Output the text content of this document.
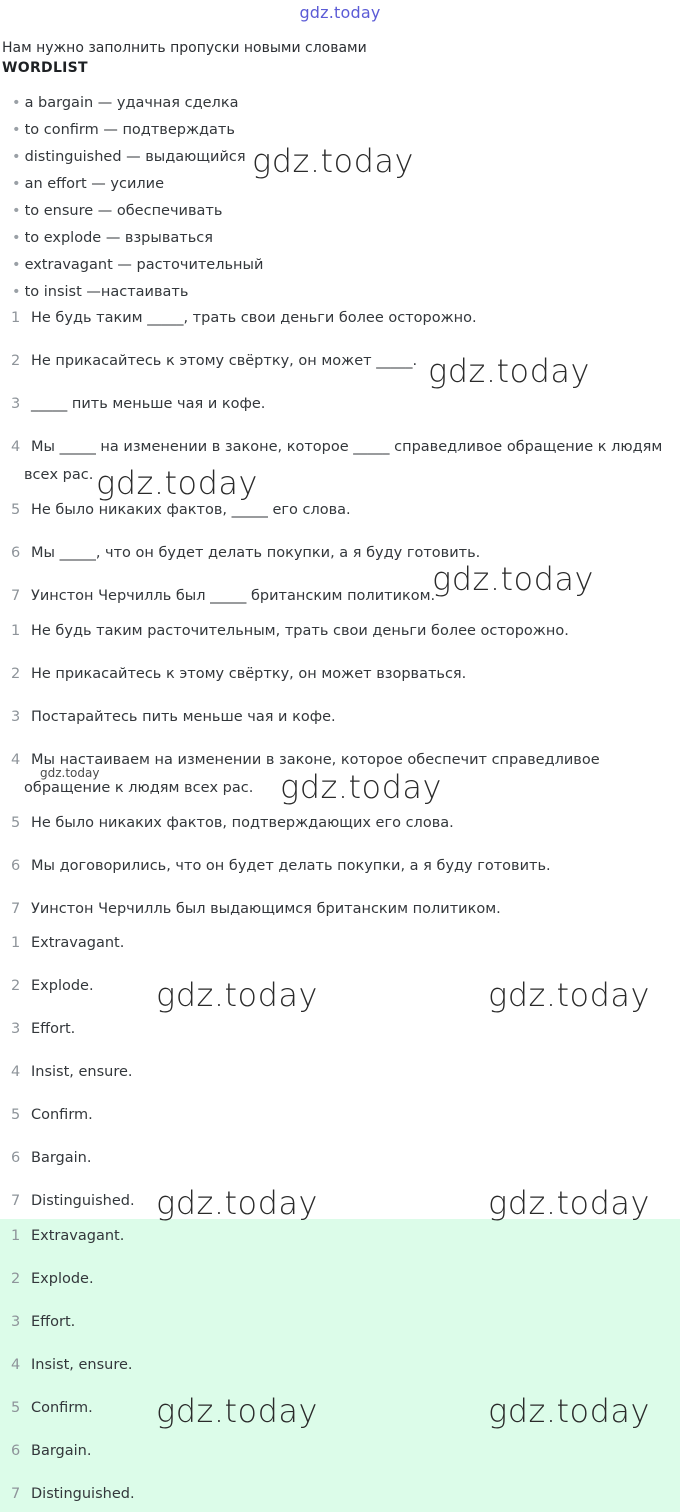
gdz.today
Нам нужно заполнить пропуски новыми словами
WORDLIST
• a bargain — удачная сделка
• to confirm — подтверждать
• distinguished — выдающийся
• an effort — усилие
• to ensure — обеспечивать
• to explode — взрываться
• extravagant — расточительный
• to insist —настаивать
1 Не будь таким _____, трать свои деньги более осторожно.
2 Не прикасайтесь к этому свёртку, он может _____.
3 _____ пить меньше чая и кофе.
4 Мы _____ на изменении в законе, которое _____ справедливое обращение к людям
всех рас.
5 Не было никаких фактов, _____ его слова.
6 Мы _____, что он будет делать покупки, а я буду готовить.
7 Уинстон Черчилль был _____ британским политиком.
1 Не будь таким расточительным, трать свои деньги более осторожно.
2 Не прикасайтесь к этому свёртку, он может взорваться.
3 Постарайтесь пить меньше чая и кофе.
4 Мы настаиваем на изменении в законе, которое обеспечит справедливое
обращение к людям всех рас.
5 Не было никаких фактов, подтверждающих его слова.
6 Мы договорились, что он будет делать покупки, а я буду готовить.
7 Уинстон Черчилль был выдающимся британским политиком.
1 Extravagant.
2 Explode.
3 Effort.
4 Insist, ensure.
5 Confirm.
6 Bargain.
7 Distinguished.
1 Extravagant.
2 Explode.
3 Effort.
4 Insist, ensure.
5 Confirm.
6 Bargain.
7 Distinguished.
gdz.today
gdz.today
gdz.today
gdz.today
gdz.today	gdz.today
gdz.today	gdz.today
gdz.today	gdz.today
gdz.today	gdz.today
